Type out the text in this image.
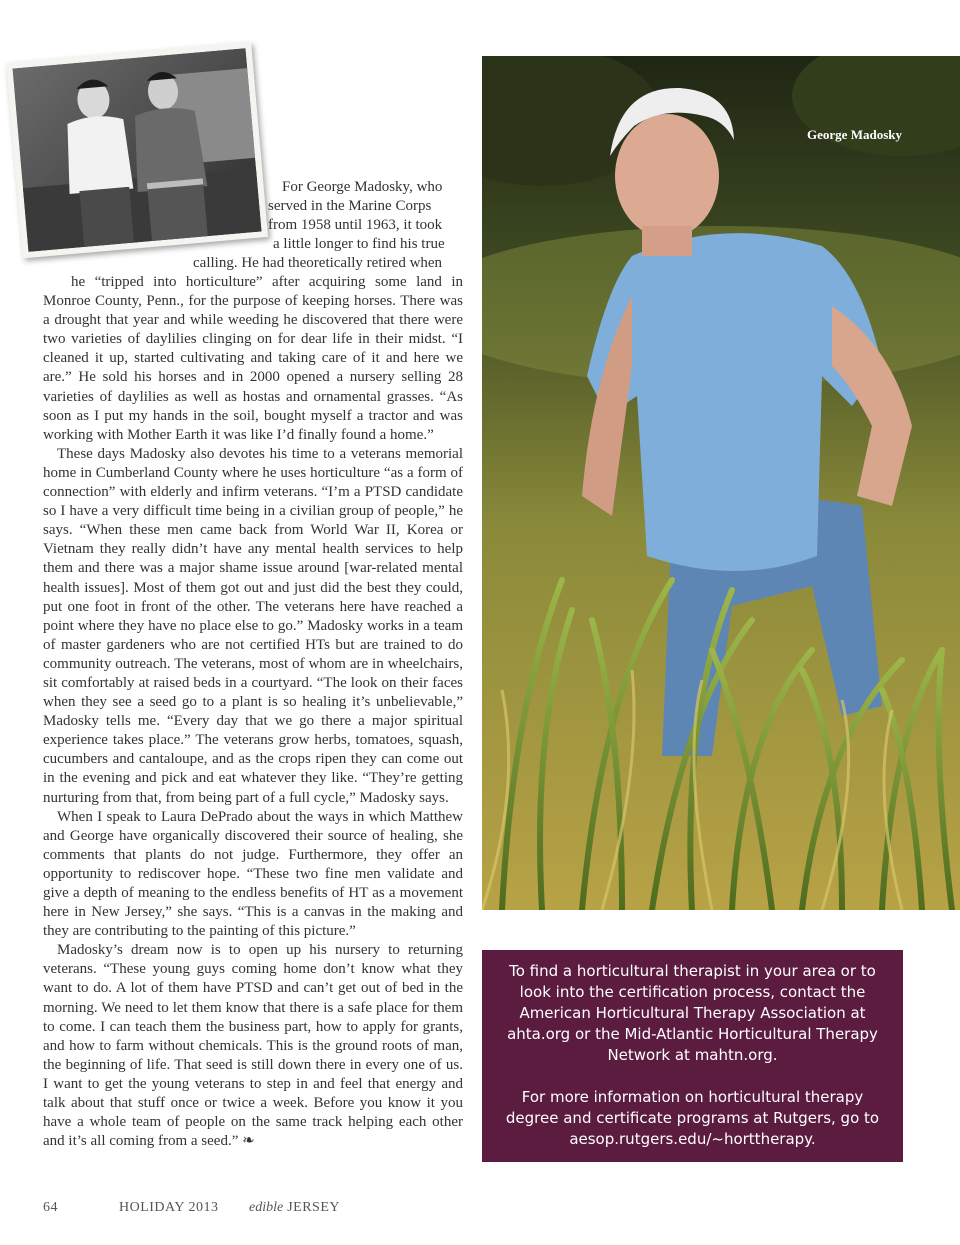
For George Madosky, who

served in the Marine Corps

from 1958 until 1963, it took

a little longer to find his true

calling. He had theoretically retired when

he “tripped into horticulture” after acquiring some land in Monroe County, Penn., for the purpose of keeping horses. There was a drought that year and while weeding he discovered that there were two varieties of daylilies clinging on for dear life in their midst. “I cleaned it up, started cultivating and taking care of it and here we are.” He sold his horses and in 2000 opened a nursery selling 28 varieties of daylilies as well as hostas and ornamental grasses. “As soon as I put my hands in the soil, bought myself a tractor and was working with Mother Earth it was like I’d finally found a home.”

These days Madosky also devotes his time to a veterans memorial home in Cumberland County where he uses horticulture “as a form of connection” with elderly and infirm veterans. “I’m a PTSD candidate so I have a very difficult time being in a civilian group of people,” he says. “When these men came back from World War II, Korea or Vietnam they really didn’t have any mental health services to help them and there was a major shame issue around [war-related mental health issues]. Most of them got out and just did the best they could, put one foot in front of the other. The veterans here have reached a point where they have no place else to go.” Madosky works in a team of master gardeners who are not certified HTs but are trained to do community outreach. The veterans, most of whom are in wheelchairs, sit comfortably at raised beds in a courtyard. “The look on their faces when they see a seed go to a plant is so healing it’s unbelievable,” Madosky tells me. “Every day that we go there a major spiritual experience takes place.” The veterans grow herbs, tomatoes, squash, cucumbers and cantaloupe, and as the crops ripen they can come out in the evening and pick and eat whatever they like. “They’re getting nurturing from that, from being part of a full cycle,” Madosky says.

When I speak to Laura DePrado about the ways in which Matthew and George have organically discovered their source of healing, she comments that plants do not judge. Furthermore, they offer an opportunity to rediscover hope. “These two fine men validate and give a depth of meaning to the endless benefits of HT as a movement here in New Jersey,” she says. “This is a canvas in the making and they are contributing to the painting of this picture.”

Madosky’s dream now is to open up his nursery to returning veterans. “These young guys coming home don’t know what they want to do. A lot of them have PTSD and can’t get out of bed in the morning. We need to let them know that there is a safe place for them to come. I can teach them the business part, how to apply for grants, and how to farm without chemicals. This is the ground roots of man, the beginning of life. That seed is still down there in every one of us. I want to get the young veterans to step in and feel that energy and talk about that stuff once or twice a week. Before you know it you have a whole team of people on the same track helping each other and it’s all coming from a seed.” ❧

George Madosky

To find a horticultural therapist in your area or to look into the certification process, contact the American Horticultural Therapy Association at ahta.org or the Mid-Atlantic Horticultural Therapy Network at mahtn.org.

For more information on horticultural therapy degree and certificate programs at Rutgers, go to aesop.rutgers.edu/~horttherapy.

64	HOLIDAY 2013 edible JERSEY
